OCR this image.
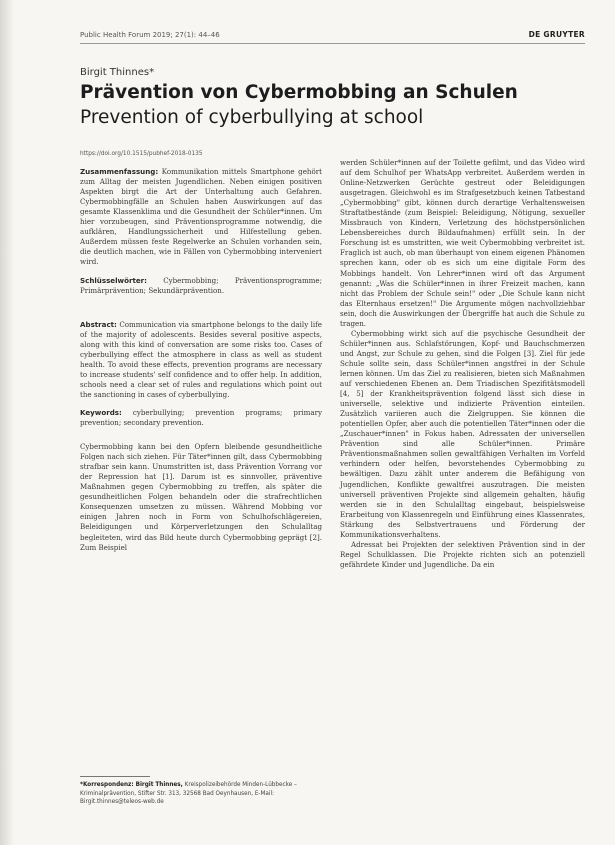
Public Health Forum 2019; 27(1): 44–46	DE GRUYTER
Birgit Thinnes*
Prävention von Cybermobbing an Schulen
Prevention of cyberbullying at school

https://doi.org/10.1515/pubhef-2018-0135

Zusammenfassung: Kommunikation mittels Smartphone gehört zum Alltag der meisten Jugendlichen. Neben einigen positiven Aspekten birgt die Art der Unterhaltung auch Gefahren. Cybermobbingfälle an Schulen haben Auswirkungen auf das gesamte Klassenklima und die Gesundheit der Schüler*innen. Um hier vorzubeugen, sind Präventionsprogramme notwendig, die aufklären, Handlungssicherheit und Hilfestellung geben. Außerdem müssen feste Regelwerke an Schulen vorhanden sein, die deutlich machen, wie in Fällen von Cybermobbing interveniert wird.

Schlüsselwörter: Cybermobbing; Präventionsprogramme; Primärprävention; Sekundärprävention.

Abstract: Communication via smartphone belongs to the daily life of the majority of adolescents. Besides several positive aspects, along with this kind of conversation are some risks too. Cases of cyberbullying effect the atmosphere in class as well as student health. To avoid these effects, prevention programs are necessary to increase students' self confidence and to offer help. In addition, schools need a clear set of rules and regulations which point out the sanctioning in cases of cyberbullying.

Keywords: cyberbullying; prevention programs; primary prevention; secondary prevention.

Cybermobbing kann bei den Opfern bleibende gesundheitliche Folgen nach sich ziehen. Für Täter*innen gilt, dass Cybermobbing strafbar sein kann. Unumstritten ist, dass Prävention Vorrang vor der Repression hat [1]. Darum ist es sinnvoller, präventive Maßnahmen gegen Cybermobbing zu treffen, als später die gesundheitlichen Folgen behandeln oder die strafrechtlichen Konsequenzen umsetzen zu müssen. Während Mobbing vor einigen Jahren noch in Form von Schulhofschlägereien, Beleidigungen und Körperverletzungen den Schulalltag begleiteten, wird das Bild heute durch Cybermobbing geprägt [2]. Zum Beispiel

werden Schüler*innen auf der Toilette gefilmt, und das Video wird auf dem Schulhof per WhatsApp verbreitet. Außerdem werden in Online-Netzwerken Gerüchte gestreut oder Beleidigungen ausgetragen. Gleichwohl es im Strafgesetzbuch keinen Tatbestand „Cybermobbing" gibt, können durch derartige Verhaltensweisen Straftatbestände (zum Beispiel: Beleidigung, Nötigung, sexueller Missbrauch von Kindern, Verletzung des höchstpersönlichen Lebensbereiches durch Bildaufnahmen) erfüllt sein. In der Forschung ist es umstritten, wie weit Cybermobbing verbreitet ist. Fraglich ist auch, ob man überhaupt von einem eigenen Phänomen sprechen kann, oder ob es sich um eine digitale Form des Mobbings handelt. Von Lehrer*innen wird oft das Argument genannt: „Was die Schüler*innen in ihrer Freizeit machen, kann nicht das Problem der Schule sein!" oder „Die Schule kann nicht das Elternhaus ersetzen!" Die Argumente mögen nachvollziehbar sein, doch die Auswirkungen der Übergriffe hat auch die Schule zu tragen.

Cybermobbing wirkt sich auf die psychische Gesundheit der Schüler*innen aus. Schlafstörungen, Kopf- und Bauchschmerzen und Angst, zur Schule zu gehen, sind die Folgen [3]. Ziel für jede Schule sollte sein, dass Schüler*innen angstfrei in der Schule lernen können. Um das Ziel zu realisieren, bieten sich Maßnahmen auf verschiedenen Ebenen an. Dem Triadischen Spezifitätsmodell [4, 5] der Krankheitsprävention folgend lässt sich diese in universelle, selektive und indizierte Prävention einteilen. Zusätzlich variieren auch die Zielgruppen. Sie können die potentiellen Opfer, aber auch die potentiellen Täter*innen oder die „Zuschauer*innen" in Fokus haben. Adressaten der universellen Prävention sind alle Schüler*innen. Primäre Präventionsmaßnahmen sollen gewaltfähigen Verhalten im Vorfeld verhindern oder helfen, bevorstehendes Cybermobbing zu bewältigen. Dazu zählt unter anderem die Befähigung von Jugendlichen, Konflikte gewaltfrei auszutragen. Die meisten universell präventiven Projekte sind allgemein gehalten, häufig werden sie in den Schulalltag eingebaut, beispielsweise Erarbeitung von Klassenregeln und Einführung eines Klassenrates, Stärkung des Selbstvertrauens und Förderung der Kommunikationsverhaltens.

Adressat bei Projekten der selektiven Prävention sind in der Regel Schulklassen. Die Projekte richten sich an potenziell gefährdete Kinder und Jugendliche. Da ein

*Korrespondenz: Birgit Thinnes, Kreispolizeibehörde Minden-Lübbecke – Kriminalprävention, Stifter Str. 313, 32568 Bad Oeynhausen, E-Mail: Birgit.thinnes@teleos-web.de
